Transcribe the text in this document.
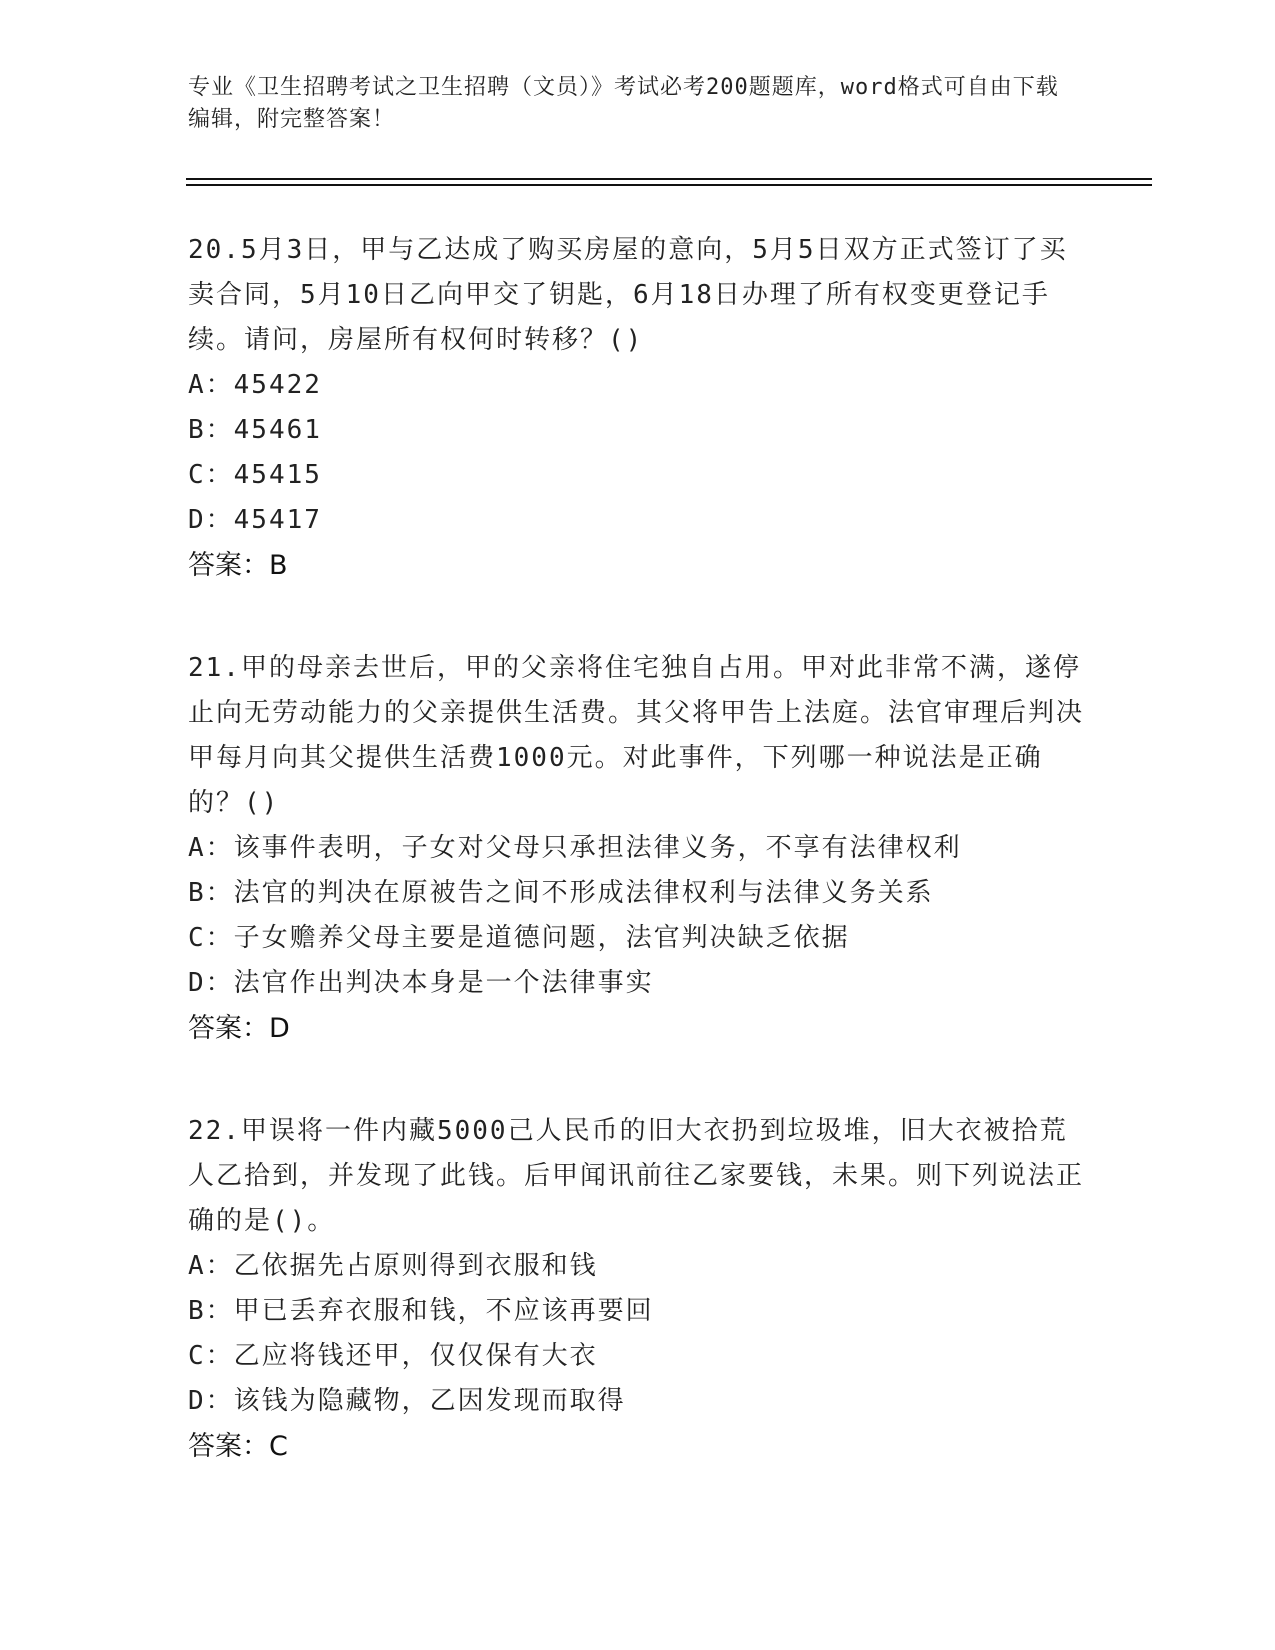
专业《卫生招聘考试之卫生招聘（文员）》考试必考200题题库，word格式可自由下载编辑，附完整答案！

20.5月3日，甲与乙达成了购买房屋的意向，5月5日双方正式签订了买卖合同，5月10日乙向甲交了钥匙，6月18日办理了所有权变更登记手续。请问，房屋所有权何时转移？()

A：45422

B：45461

C：45415

D：45417

答案：B

21.甲的母亲去世后，甲的父亲将住宅独自占用。甲对此非常不满，遂停止向无劳动能力的父亲提供生活费。其父将甲告上法庭。法官审理后判决甲每月向其父提供生活费1000元。对此事件，下列哪一种说法是正确的？()

A：该事件表明，子女对父母只承担法律义务，不享有法律权利

B：法官的判决在原被告之间不形成法律权利与法律义务关系

C：子女赡养父母主要是道德问题，法官判决缺乏依据

D：法官作出判决本身是一个法律事实

答案：D

22.甲误将一件内藏5000己人民币的旧大衣扔到垃圾堆，旧大衣被拾荒人乙拾到，并发现了此钱。后甲闻讯前往乙家要钱，未果。则下列说法正确的是()。

A：乙依据先占原则得到衣服和钱

B：甲已丢弃衣服和钱，不应该再要回

C：乙应将钱还甲，仅仅保有大衣

D：该钱为隐藏物，乙因发现而取得

答案：C
